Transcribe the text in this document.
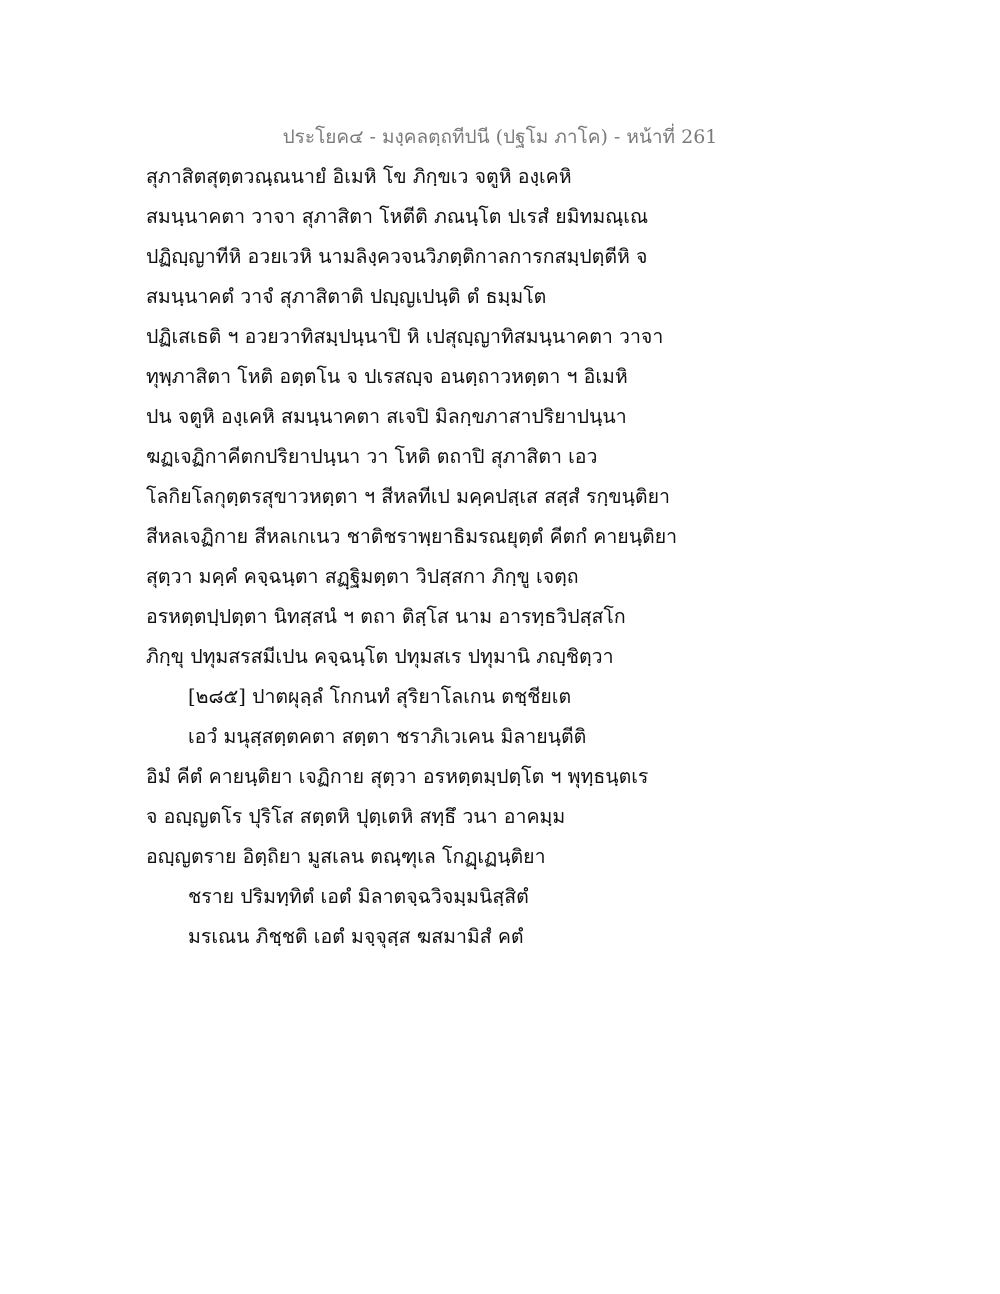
ประโยค๔ - มงฺคลตฺถทีปนี (ปฐโม ภาโค) - หน้าที่ 261
สุภาสิตสุตฺตวณฺณนายํ อิเมหิ โข ภิกฺขเว จตูหิ องฺเคหิ
สมนฺนาคตา วาจา สุภาสิตา โหตีติ ภณนฺโต ปเรสํ ยมิทมณฺเณ
ปฏิญฺญาทีหิ อวยเวหิ นามลิงฺควจนวิภตฺติกาลการกสมฺปตฺตีหิ จ
สมนฺนาคตํ วาจํ สุภาสิตาติ ปญฺญเปนฺติ ตํ ธมฺมโต
ปฏิเสเธติ ฯ อวยวาทิสมฺปนฺนาปิ หิ เปสุญฺญาทิสมนฺนาคตา วาจา
ทุพฺภาสิตา โหติ อตฺตโน จ ปเรสญฺจ อนตฺถาวหตฺตา ฯ อิเมหิ
ปน จตูหิ องฺเคหิ สมนฺนาคตา สเจปิ มิลกฺขภาสาปริยาปนฺนา
ฆฏเจฏิกาคีตกปริยาปนฺนา วา โหติ ตถาปิ สุภาสิตา เอว
โลกิยโลกุตฺตรสุขาวหตฺตา ฯ สีหลทีเป มคฺคปสฺเส สสฺสํ รกฺขนฺติยา
สีหลเจฏิกาย สีหลเกเนว ชาติชราพฺยาธิมรณยุตฺตํ คีตกํ คายนฺติยา
สุตฺวา มคฺคํ คจฺฉนฺตา สฏฺฐิมตฺตา วิปสฺสกา ภิกฺขู เจตฺถ
อรหตฺตปฺปตฺตา นิทสฺสนํ ฯ ตถา ติสฺโส นาม อารทฺธวิปสฺสโก
ภิกฺขุ ปทุมสรสมีเปน คจฺฉนฺโต ปทุมสเร ปทุมานิ ภญฺชิตฺวา
[๒๘๕] ปาตผุลฺลํ โกกนทํ สุริยาโลเกน ตชฺชียเต
เอวํ มนุสฺสตฺตคตา สตฺตา ชราภิเวเคน มิลายนฺตีติ
อิมํ คีตํ คายนฺติยา เจฏิกาย สุตฺวา อรหตฺตมฺปตฺโต ฯ พุทฺธนฺตเร
จ อญฺญตโร ปุริโส สตฺตหิ ปุตฺเตหิ สทฺธึ วนา อาคมฺม
อญฺญตราย อิตฺถิยา มูสเลน ตณฺฑุเล โกฏฺเฏนฺติยา
ชราย ปริมทฺทิตํ เอตํ มิลาตจฺฉวิจมฺมนิสฺสิตํ
มรเณน ภิชฺชติ เอตํ มจฺจุสฺส ฆสมามิสํ คตํ
